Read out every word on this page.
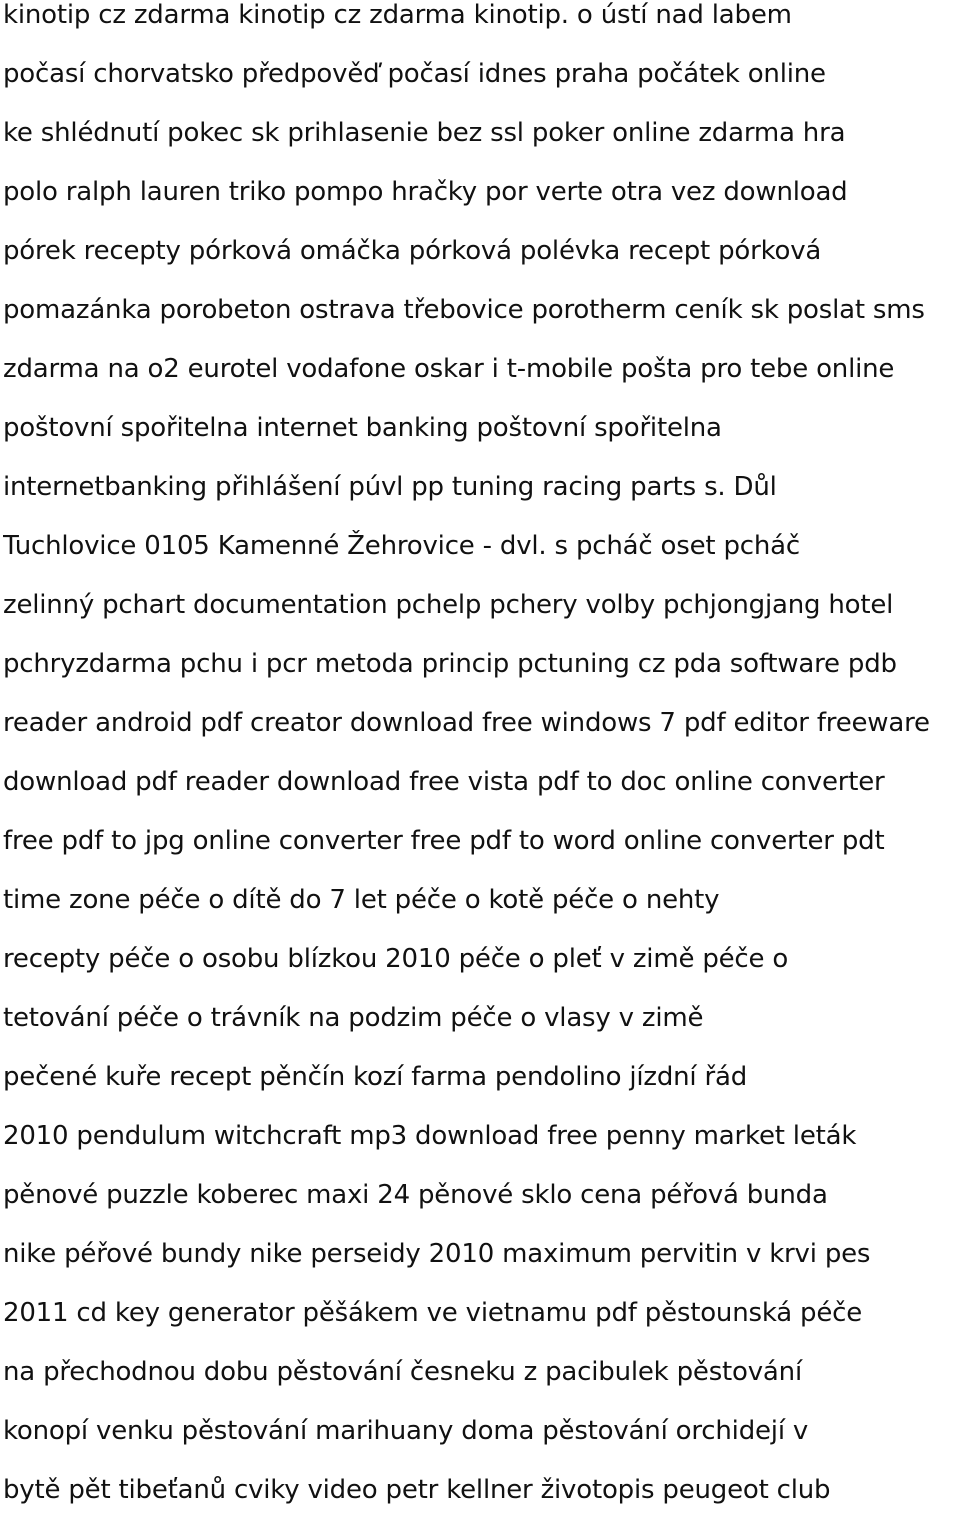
kinotip cz zdarma kinotip cz zdarma kinotip. o ústí nad labem
počasí chorvatsko předpověď počasí idnes praha počátek online
ke shlédnutí pokec sk prihlasenie bez ssl poker online zdarma hra
polo ralph lauren triko pompo hračky por verte otra vez download
pórek recepty pórková omáčka pórková polévka recept pórková
pomazánka porobeton ostrava třebovice porotherm ceník sk poslat sms
zdarma na o2 eurotel vodafone oskar i t-mobile pošta pro tebe online
poštovní spořitelna internet banking poštovní spořitelna
internetbanking přihlášení púvl pp tuning racing parts s. Důl
Tuchlovice 0105 Kamenné Žehrovice - dvl. s pcháč oset pcháč
zelinný pchart documentation pchelp pchery volby pchjongjang hotel
pchryzdarma pchu i pcr metoda princip pctuning cz pda software pdb
reader android pdf creator download free windows 7 pdf editor freeware
download pdf reader download free vista pdf to doc online converter
free pdf to jpg online converter free pdf to word online converter pdt
time zone péče o dítě do 7 let péče o kotě péče o nehty
recepty péče o osobu blízkou 2010 péče o pleť v zimě péče o
tetování péče o trávník na podzim péče o vlasy v zimě
pečené kuře recept pěnčín kozí farma pendolino jízdní řád
2010 pendulum witchcraft mp3 download free penny market leták
pěnové puzzle koberec maxi 24 pěnové sklo cena péřová bunda
nike péřové bundy nike perseidy 2010 maximum pervitin v krvi pes
2011 cd key generator pěšákem ve vietnamu pdf pěstounská péče
na přechodnou dobu pěstování česneku z pacibulek pěstování
konopí venku pěstování marihuany doma pěstování orchidejí v
bytě pět tibeťanů cviky video petr kellner životopis peugeot club
